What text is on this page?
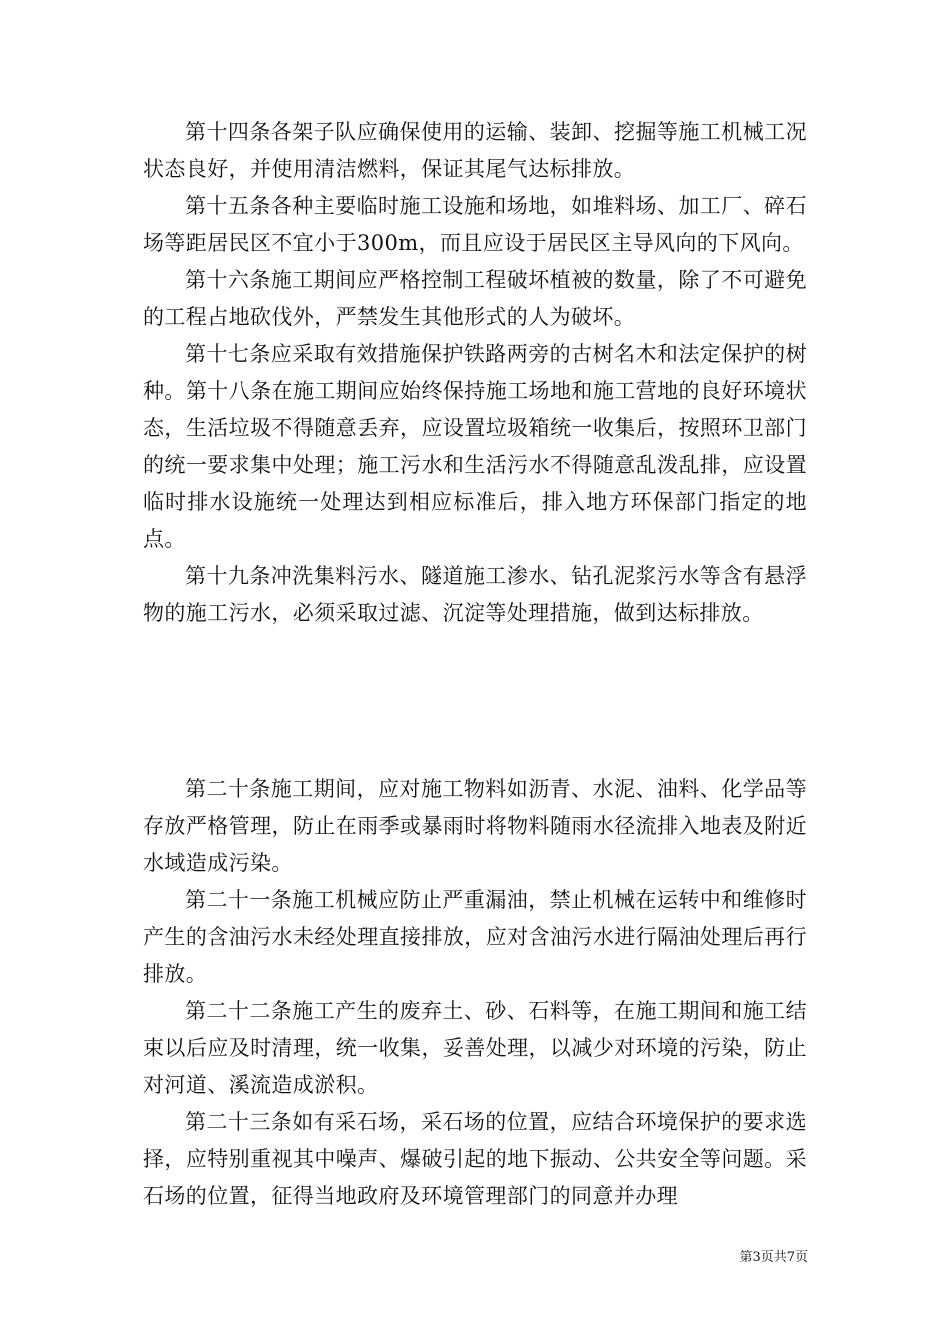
第十四条各架子队应确保使用的运输、装卸、挖掘等施工机械工况状态良好，并使用清洁燃料，保证其尾气达标排放。

第十五条各种主要临时施工设施和场地，如堆料场、加工厂、碎石场等距居民区不宜小于300m，而且应设于居民区主导风向的下风向。

第十六条施工期间应严格控制工程破坏植被的数量，除了不可避免的工程占地砍伐外，严禁发生其他形式的人为破坏。

第十七条应采取有效措施保护铁路两旁的古树名木和法定保护的树种。第十八条在施工期间应始终保持施工场地和施工营地的良好环境状态，生活垃圾不得随意丢弃，应设置垃圾箱统一收集后，按照环卫部门的统一要求集中处理；施工污水和生活污水不得随意乱泼乱排，应设置临时排水设施统一处理达到相应标准后，排入地方环保部门指定的地点。

第十九条冲洗集料污水、隧道施工渗水、钻孔泥浆污水等含有悬浮物的施工污水，必须采取过滤、沉淀等处理措施，做到达标排放。

第二十条施工期间，应对施工物料如沥青、水泥、油料、化学品等存放严格管理，防止在雨季或暴雨时将物料随雨水径流排入地表及附近水域造成污染。

第二十一条施工机械应防止严重漏油，禁止机械在运转中和维修时产生的含油污水未经处理直接排放，应对含油污水进行隔油处理后再行排放。

第二十二条施工产生的废弃土、砂、石料等，在施工期间和施工结束以后应及时清理，统一收集，妥善处理，以减少对环境的污染，防止对河道、溪流造成淤积。

第二十三条如有采石场，采石场的位置，应结合环境保护的要求选择，应特别重视其中噪声、爆破引起的地下振动、公共安全等问题。采石场的位置，征得当地政府及环境管理部门的同意并办理

第3页共7页
